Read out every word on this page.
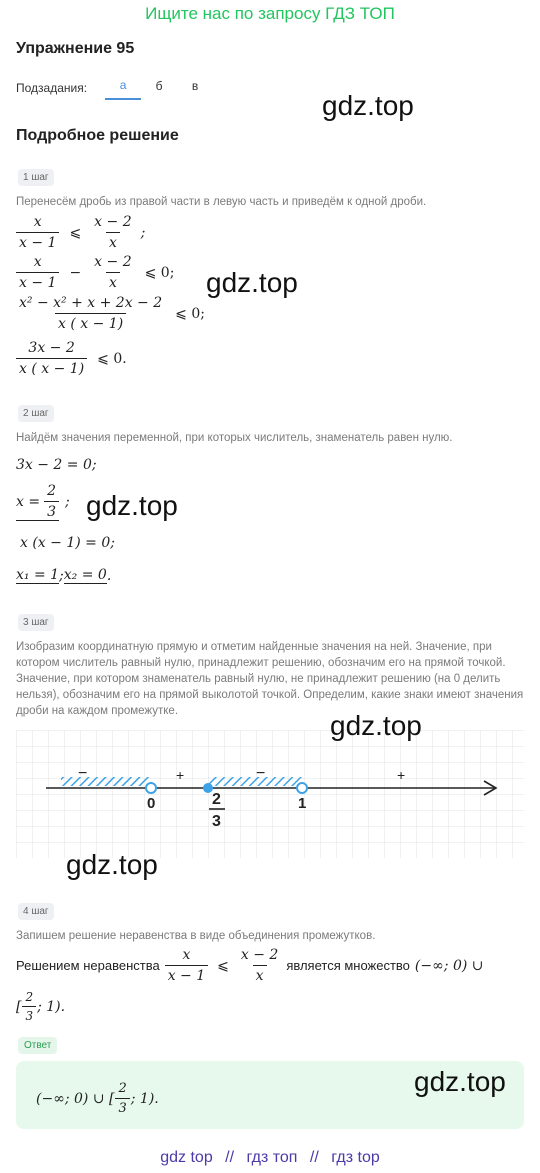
Ищите нас по запросу ГДЗ ТОП
Упражнение 95
Подзадания:	а	б	в
gdz.top
Подробное решение
1 шаг
Перенесём дробь из правой части в левую часть и приведём к одной дроби.
$\frac{x}{x - 1}$ ⩽ $\frac{x - 2}{x}$ ;
$\frac{x}{x - 1} - \frac{x - 2}{x}$ ⩽ 0; gdz.top
$\frac{\text{x² − x² + x + 2x − 2}}{x ( x - 1)}$ ⩽ 0;
$\frac{3x - 2}{x ( x - 1)}$ ⩽ 0.
2 шаг
Найдём значения переменной, при которых числитель, знаменатель равен нулю.
3x − 2 = 0;
$x = \frac{2}{3}$ ; gdz.top
x (x − 1) = 0;
x₁ = 1 ; x₂ = 0 .
3 шаг
Изобразим координатную прямую и отметим найденные значения на ней. Значение, при котором числитель равный нулю, принадлежит решению, обозначим его на прямой точкой. Значение, при котором знаменатель равный нулю, не принадлежит решению (на 0 делить нельзя), обозначим его на прямой выколотой точкой. Определим, какие знаки имеют значения дроби на каждом промежутке.
−	+	−	+
0	2
3
1
gdz.top
gdz.top
4 шаг
Запишем решение неравенства в виде объединения промежутков.
Решением неравенства $\frac{x}{x - 1}$ ⩽ $\frac{x - 2}{x}$ является множество (−∞; 0) ∪
[ $\frac{2}{3}$ ; 1).
Ответ
(−∞; 0) ∪ [ $\frac{2}{3}$ ; 1).
gdz.top
gdz top // гдз топ // гдз top
